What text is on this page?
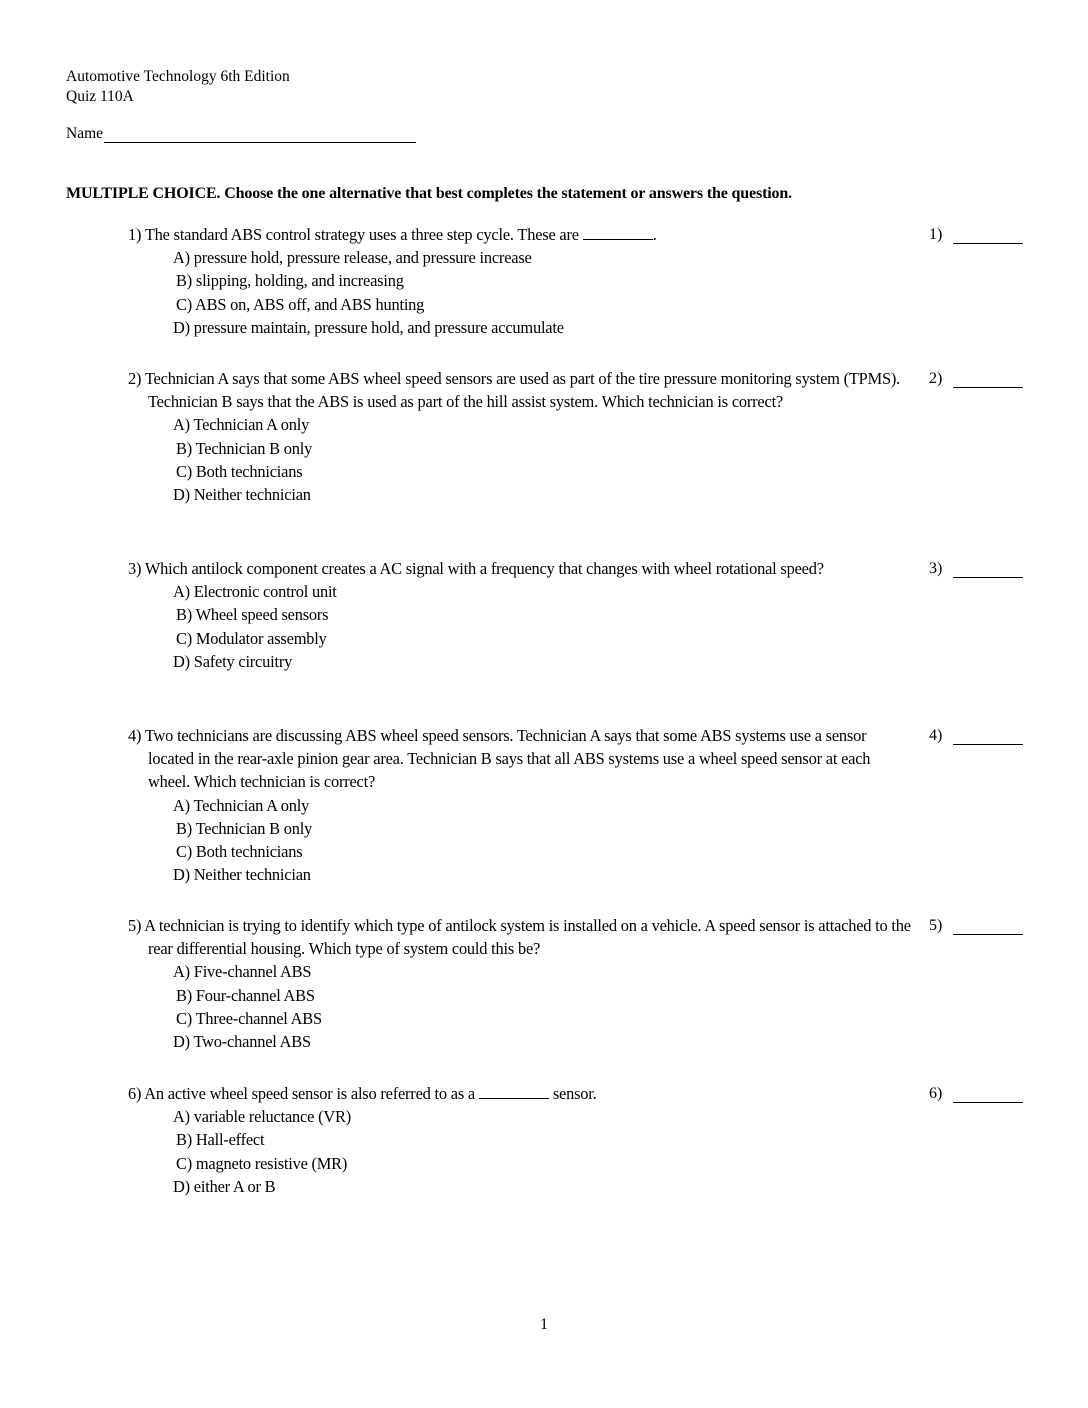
Automotive Technology 6th Edition
Quiz 110A
Name
MULTIPLE CHOICE. Choose the one alternative that best completes the statement or answers the question.
1) The standard ABS control strategy uses a three step cycle. These are	.
A) pressure hold, pressure release, and pressure increase
B) slipping, holding, and increasing
C) ABS on, ABS off, and ABS hunting
D) pressure maintain, pressure hold, and pressure accumulate
1)
2) Technician A says that some ABS wheel speed sensors are used as part of the tire pressure monitoring system (TPMS). Technician B says that the ABS is used as part of the hill assist system. Which technician is correct?
A) Technician A only
B) Technician B only
C) Both technicians
D) Neither technician
2)
3) Which antilock component creates a AC signal with a frequency that changes with wheel rotational speed?
A) Electronic control unit
B) Wheel speed sensors
C) Modulator assembly
D) Safety circuitry
3)
4) Two technicians are discussing ABS wheel speed sensors. Technician A says that some ABS systems use a sensor located in the rear-axle pinion gear area. Technician B says that all ABS systems use a wheel speed sensor at each wheel. Which technician is correct?
A) Technician A only
B) Technician B only
C) Both technicians
D) Neither technician
4)
5) A technician is trying to identify which type of antilock system is installed on a vehicle. A speed sensor is attached to the rear differential housing. Which type of system could this be?
A) Five-channel ABS
B) Four-channel ABS
C) Three-channel ABS
D) Two-channel ABS
5)
6) An active wheel speed sensor is also referred to as a	sensor.
A) variable reluctance (VR)
B) Hall-effect
C) magneto resistive (MR)
D) either A or B
6)
1
